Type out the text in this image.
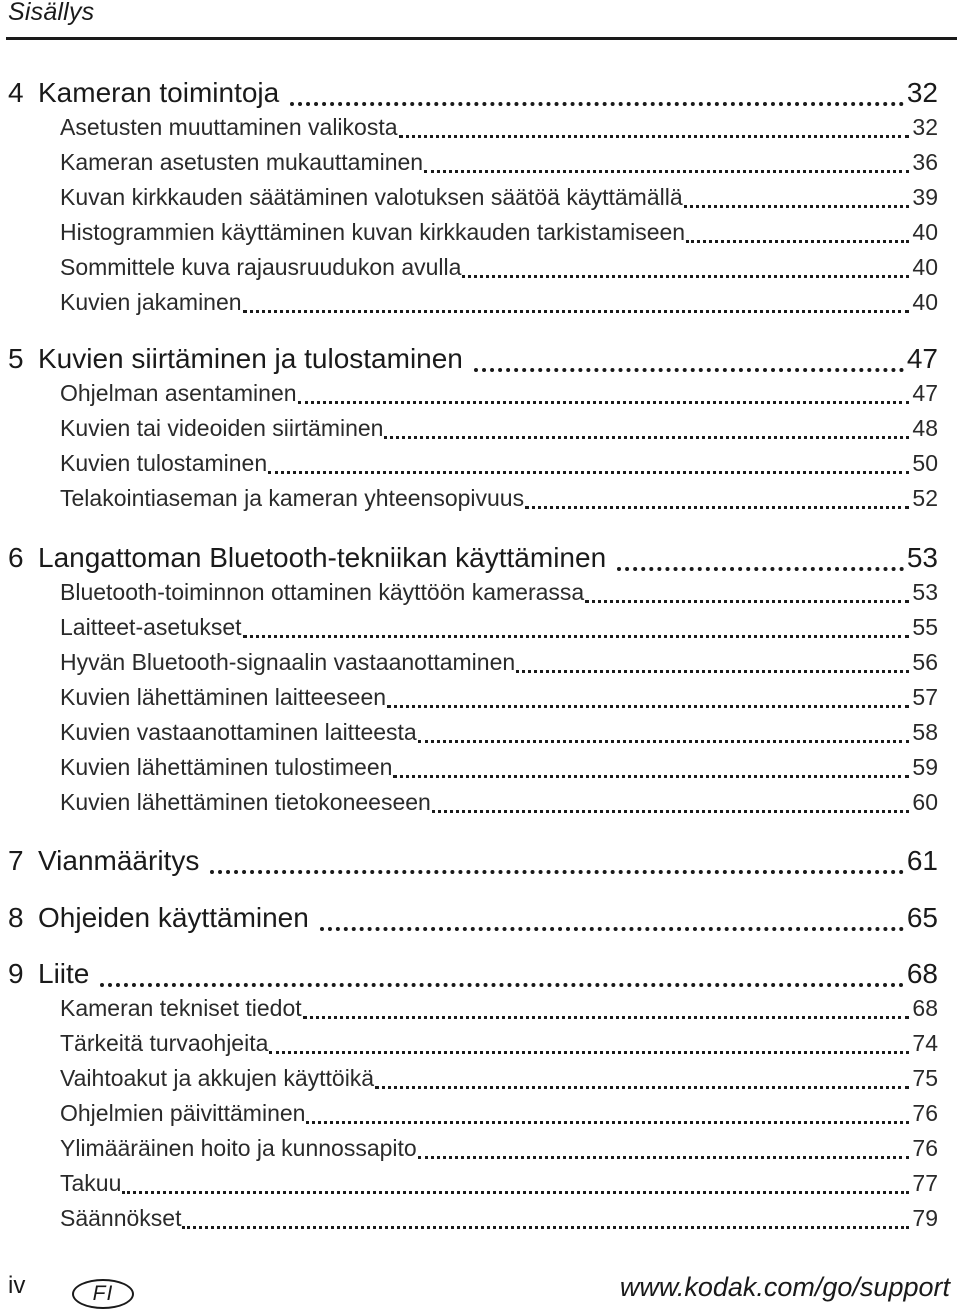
Sisällys
4 Kameran toimintoja	32
Asetusten muuttaminen valikosta	32
Kameran asetusten mukauttaminen	36
Kuvan kirkkauden säätäminen valotuksen säätöä käyttämällä	39
Histogrammien käyttäminen kuvan kirkkauden tarkistamiseen	40
Sommittele kuva rajausruudukon avulla	40
Kuvien jakaminen	40
5 Kuvien siirtäminen ja tulostaminen	47
Ohjelman asentaminen	47
Kuvien tai videoiden siirtäminen	48
Kuvien tulostaminen	50
Telakointiaseman ja kameran yhteensopivuus	52
6 Langattoman Bluetooth-tekniikan käyttäminen	53
Bluetooth-toiminnon ottaminen käyttöön kamerassa	53
Laitteet-asetukset	55
Hyvän Bluetooth-signaalin vastaanottaminen	56
Kuvien lähettäminen laitteeseen	57
Kuvien vastaanottaminen laitteesta	58
Kuvien lähettäminen tulostimeen	59
Kuvien lähettäminen tietokoneeseen	60
7 Vianmääritys	61
8 Ohjeiden käyttäminen	65
9 Liite	68
Kameran tekniset tiedot	68
Tärkeitä turvaohjeita	74
Vaihtoakut ja akkujen käyttöikä	75
Ohjelmien päivittäminen	76
Ylimääräinen hoito ja kunnossapito	76
Takuu	77
Säännökset	79
iv	FI	www.kodak.com/go/support
